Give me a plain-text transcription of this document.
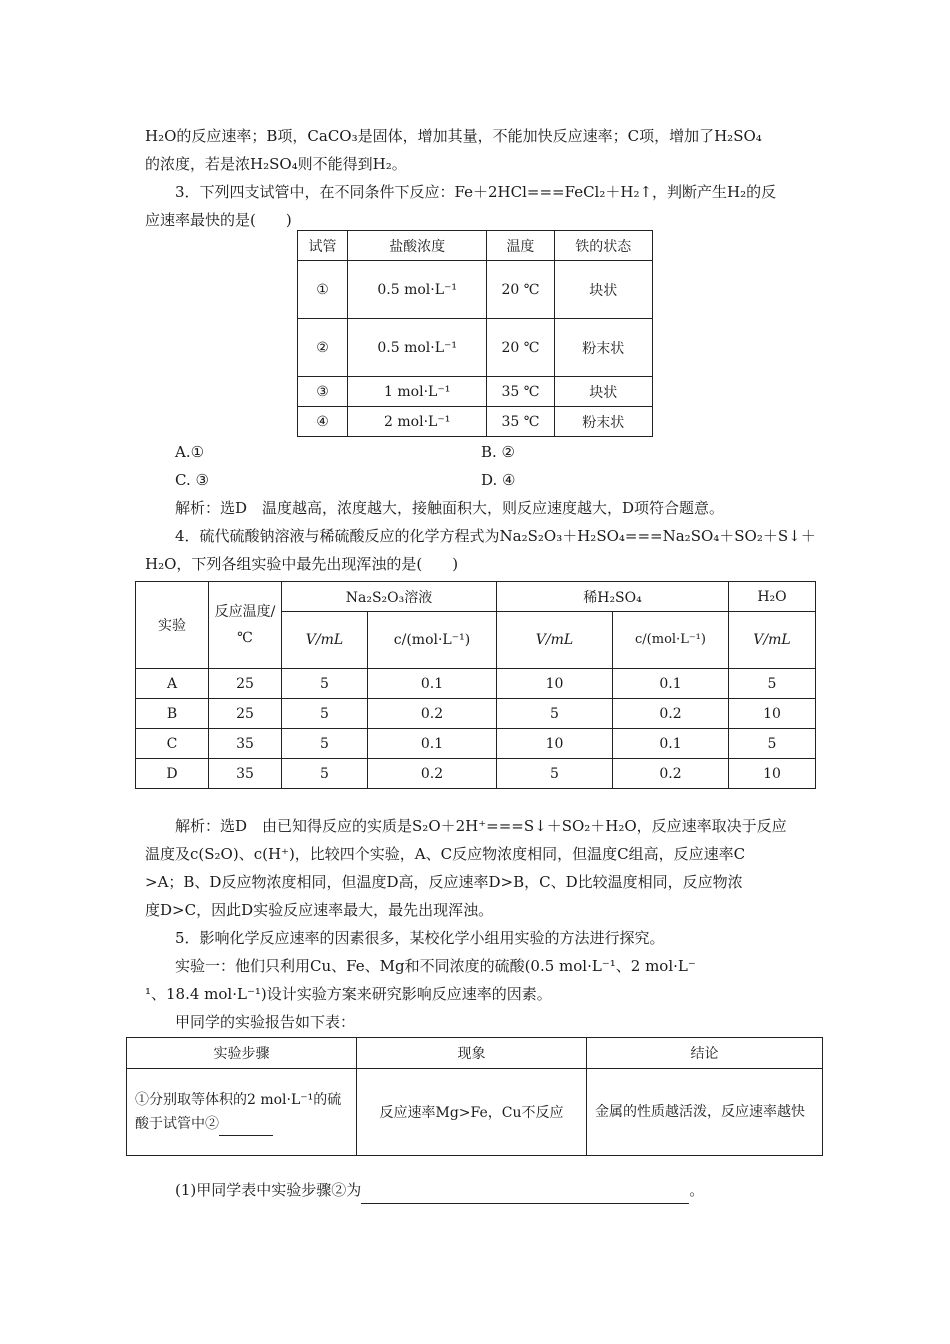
H₂O的反应速率；B项，CaCO₃是固体，增加其量，不能加快反应速率；C项，增加了H₂SO₄
的浓度，若是浓H₂SO₄则不能得到H₂。
3．下列四支试管中，在不同条件下反应：Fe＋2HCl===FeCl₂＋H₂↑，判断产生H₂的反
应速率最快的是(　　)
试管	盐酸浓度	温度	铁的状态
①	0.5 mol·L⁻¹	20 ℃	块状
②	0.5 mol·L⁻¹	20 ℃	粉末状
③	1 mol·L⁻¹	35 ℃	块状
④	2 mol·L⁻¹	35 ℃	粉末状
A.①	B. ②
C. ③	D. ④
解析：选D　温度越高，浓度越大，接触面积大，则反应速度越大，D项符合题意。
4．硫代硫酸钠溶液与稀硫酸反应的化学方程式为Na₂S₂O₃＋H₂SO₄===Na₂SO₄＋SO₂＋S↓＋
H₂O，下列各组实验中最先出现浑浊的是(　　)
实验	反应温度/℃	Na₂S₂O₃溶液		稀H₂SO₄		H₂O
		V/mL	c/(mol·L⁻¹)	V/mL	c/(mol·L⁻¹)	V/mL
A	25	5	0.1	10	0.1	5
B	25	5	0.2	5	0.2	10
C	35	5	0.1	10	0.1	5
D	35	5	0.2	5	0.2	10
解析：选D　由已知得反应的实质是S₂O＋2H⁺===S↓＋SO₂＋H₂O，反应速率取决于反应
温度及c(S₂O)、c(H⁺)，比较四个实验，A、C反应物浓度相同，但温度C组高，反应速率C
>A；B、D反应物浓度相同，但温度D高，反应速率D>B，C、D比较温度相同，反应物浓
度D>C，因此D实验反应速率最大，最先出现浑浊。
5．影响化学反应速率的因素很多，某校化学小组用实验的方法进行探究。
实验一：他们只利用Cu、Fe、Mg和不同浓度的硫酸(0.5 mol·L⁻¹、2 mol·L⁻
¹、18.4 mol·L⁻¹)设计实验方案来研究影响反应速率的因素。
甲同学的实验报告如下表：
实验步骤	现象	结论
①分别取等体积的2 mol·L⁻¹的硫酸于试管中②	反应速率Mg>Fe，Cu不反应	金属的性质越活泼，反应速率越快
(1)甲同学表中实验步骤②为	。
